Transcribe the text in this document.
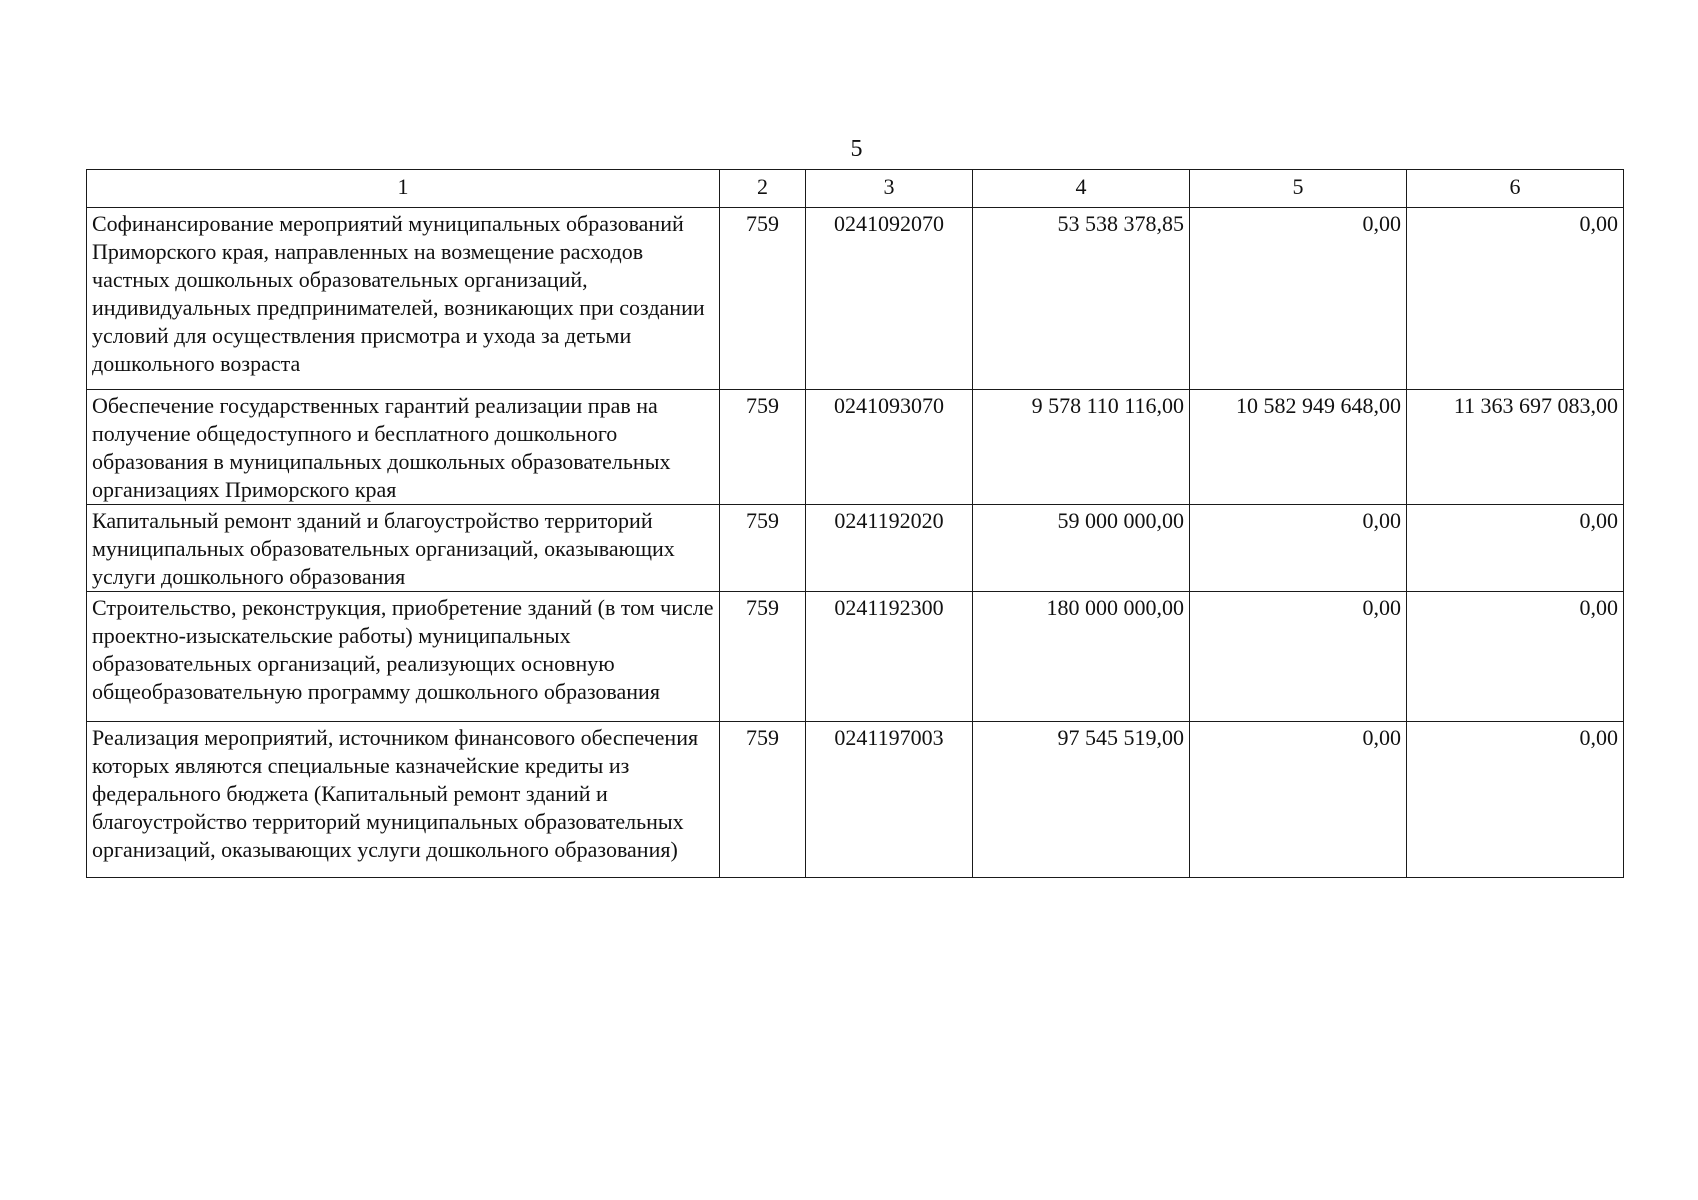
5
1	2	3	4	5	6
Софинансирование мероприятий муниципальных образований Приморского края, направленных на возмещение расходов частных дошкольных образовательных организаций, индивидуальных предпринимателей, возникающих при создании условий для осуществления присмотра и ухода за детьми дошкольного возраста	759	0241092070	53 538 378,85	0,00	0,00
Обеспечение государственных гарантий реализации прав на получение общедоступного и бесплатного дошкольного образования в муниципальных дошкольных образовательных организациях Приморского края	759	0241093070	9 578 110 116,00	10 582 949 648,00	11 363 697 083,00
Капитальный ремонт зданий и благоустройство территорий муниципальных образовательных организаций, оказывающих услуги дошкольного образования	759	0241192020	59 000 000,00	0,00	0,00
Строительство, реконструкция, приобретение зданий (в том числе проектно-изыскательские работы) муниципальных образовательных организаций, реализующих основную общеобразовательную программу дошкольного образования	759	0241192300	180 000 000,00	0,00	0,00
Реализация мероприятий, источником финансового обеспечения которых являются специальные казначейские кредиты из федерального бюджета (Капитальный ремонт зданий и благоустройство территорий муниципальных образовательных организаций, оказывающих услуги дошкольного образования)	759	0241197003	97 545 519,00	0,00	0,00
